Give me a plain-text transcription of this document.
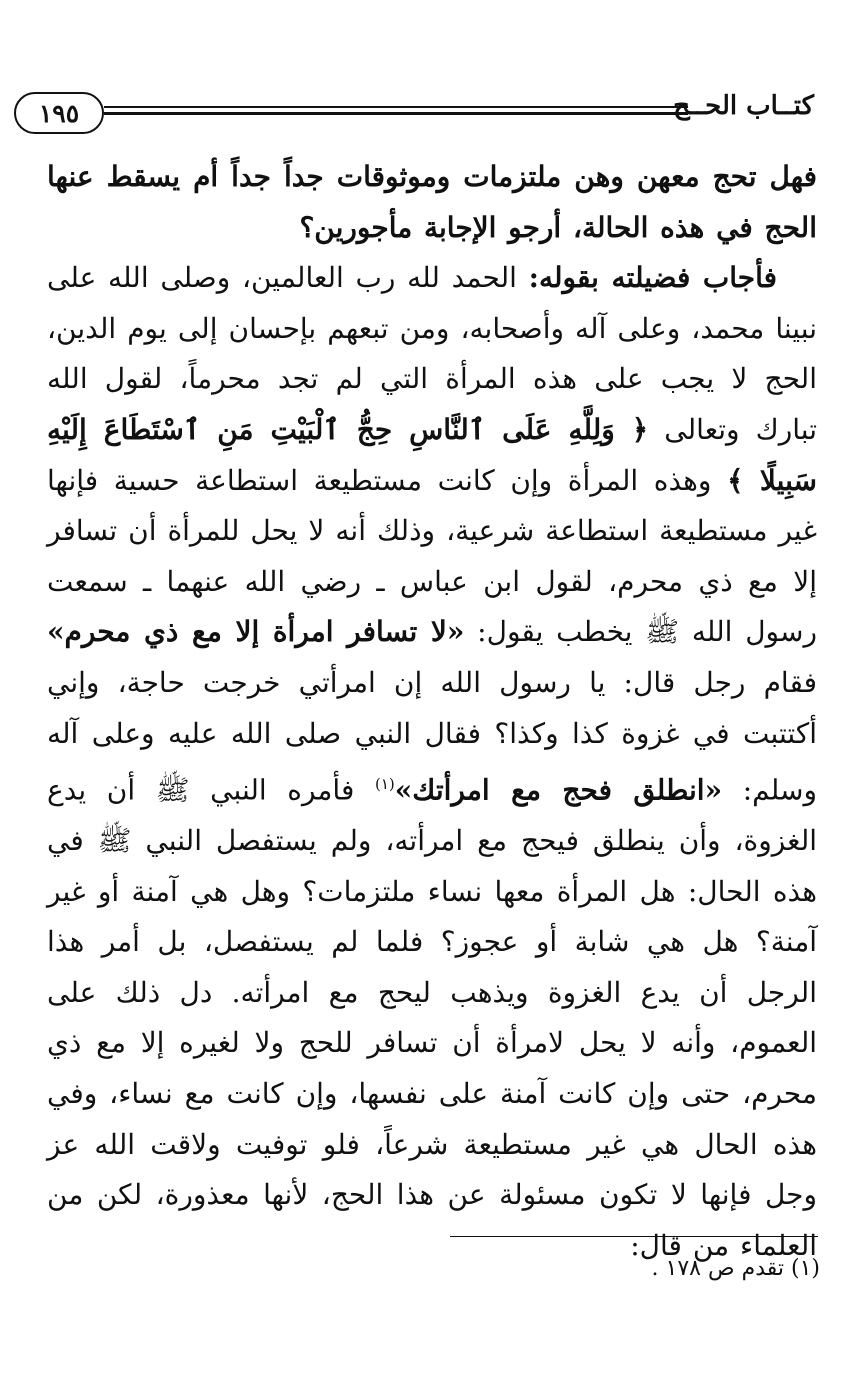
١٩٥	كتــاب الحــج

فهل تحج معهن وهن ملتزمات وموثوقات جداً جداً أم يسقط عنها الحج في هذه الحالة، أرجو الإجابة مأجورين؟

فأجاب فضيلته بقوله: الحمد لله رب العالمين، وصلى الله على نبينا محمد، وعلى آله وأصحابه، ومن تبعهم بإحسان إلى يوم الدين، الحج لا يجب على هذه المرأة التي لم تجد محرماً، لقول الله تبارك وتعالى ﴿ وَلِلَّهِ عَلَى ٱلنَّاسِ حِجُّ ٱلْبَيْتِ مَنِ ٱسْتَطَاعَ إِلَيْهِ سَبِيلًا ﴾ وهذه المرأة وإن كانت مستطيعة استطاعة حسية فإنها غير مستطيعة استطاعة شرعية، وذلك أنه لا يحل للمرأة أن تسافر إلا مع ذي محرم، لقول ابن عباس ـ رضي الله عنهما ـ سمعت رسول الله ﷺ يخطب يقول: «لا تسافر امرأة إلا مع ذي محرم» فقام رجل قال: يا رسول الله إن امرأتي خرجت حاجة، وإني أكتتبت في غزوة كذا وكذا؟ فقال النبي صلى الله عليه وعلى آله وسلم: «انطلق فحج مع امرأتك»$^{(١)}$ فأمره النبي ﷺ أن يدع الغزوة، وأن ينطلق فيحج مع امرأته، ولم يستفصل النبي ﷺ في هذه الحال: هل المرأة معها نساء ملتزمات؟ وهل هي آمنة أو غير آمنة؟ هل هي شابة أو عجوز؟ فلما لم يستفصل، بل أمر هذا الرجل أن يدع الغزوة ويذهب ليحج مع امرأته. دل ذلك على العموم، وأنه لا يحل لامرأة أن تسافر للحج ولا لغيره إلا مع ذي محرم، حتى وإن كانت آمنة على نفسها، وإن كانت مع نساء، وفي هذه الحال هي غير مستطيعة شرعاً، فلو توفيت ولاقت الله عز وجل فإنها لا تكون مسئولة عن هذا الحج، لأنها معذورة، لكن من العلماء من قال:

(١) تقدم ص ١٧٨ .
